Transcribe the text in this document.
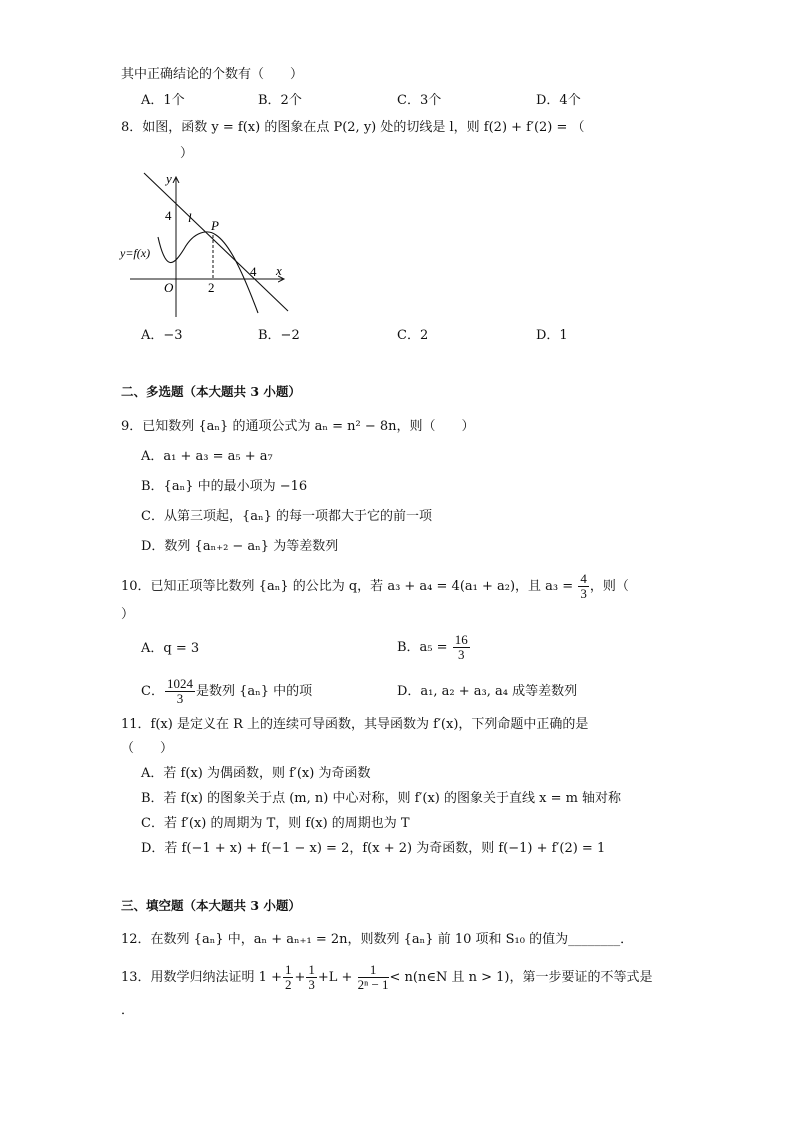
其中正确结论的个数有（　　）
A．1个	B．2个	C．3个	D．4个
8．如图，函数 y = f(x) 的图象在点 P(2, y) 处的切线是 l，则 f(2) + f′(2) = （
）
y
x
O
4 l
P
y=f(x)
2
4
A．−3	B．−2	C．2	D．1
二、多选题（本大题共 3 小题）
9．已知数列 {aₙ} 的通项公式为 aₙ = n² − 8n，则（　　）
A．a₁ + a₃ = a₅ + a₇
B．{aₙ} 中的最小项为 −16
C．从第三项起，{aₙ} 的每一项都大于它的前一项
D．数列 {aₙ₊₂ − aₙ} 为等差数列
10．已知正项等比数列 {aₙ} 的公比为 q，若 a₃ + a₄ = 4(a₁ + a₂)，且 $a_3 = \frac{4}{3}$ ，则（
）
A．q = 3	B．$a_5 = \frac{16}{3}$
C． $\frac{1024}{3}$ 是数列 {aₙ} 中的项	D．a₁, a₂ + a₃, a₄ 成等差数列
11．f(x) 是定义在 R 上的连续可导函数，其导函数为 f′(x)，下列命题中正确的是
（　　）
A．若 f(x) 为偶函数，则 f′(x) 为奇函数
B．若 f(x) 的图象关于点 (m, n) 中心对称，则 f′(x) 的图象关于直线 x = m 轴对称
C．若 f′(x) 的周期为 T，则 f(x) 的周期也为 T
D．若 f(−1 + x) + f(−1 − x) = 2，f(x + 2) 为奇函数，则 f(−1) + f′(2) = 1
三、填空题（本大题共 3 小题）
12．在数列 {aₙ} 中，aₙ + aₙ₊₁ = 2n，则数列 {aₙ} 前 10 项和 S₁₀ 的值为________．
13．用数学归纳法证明 $1 + \frac{1}{2} + \frac{1}{3} +L + \frac{1}{\text{2ⁿ − 1}}$ < n(n∈N 且 n > 1)，第一步要证的不等式是
．
